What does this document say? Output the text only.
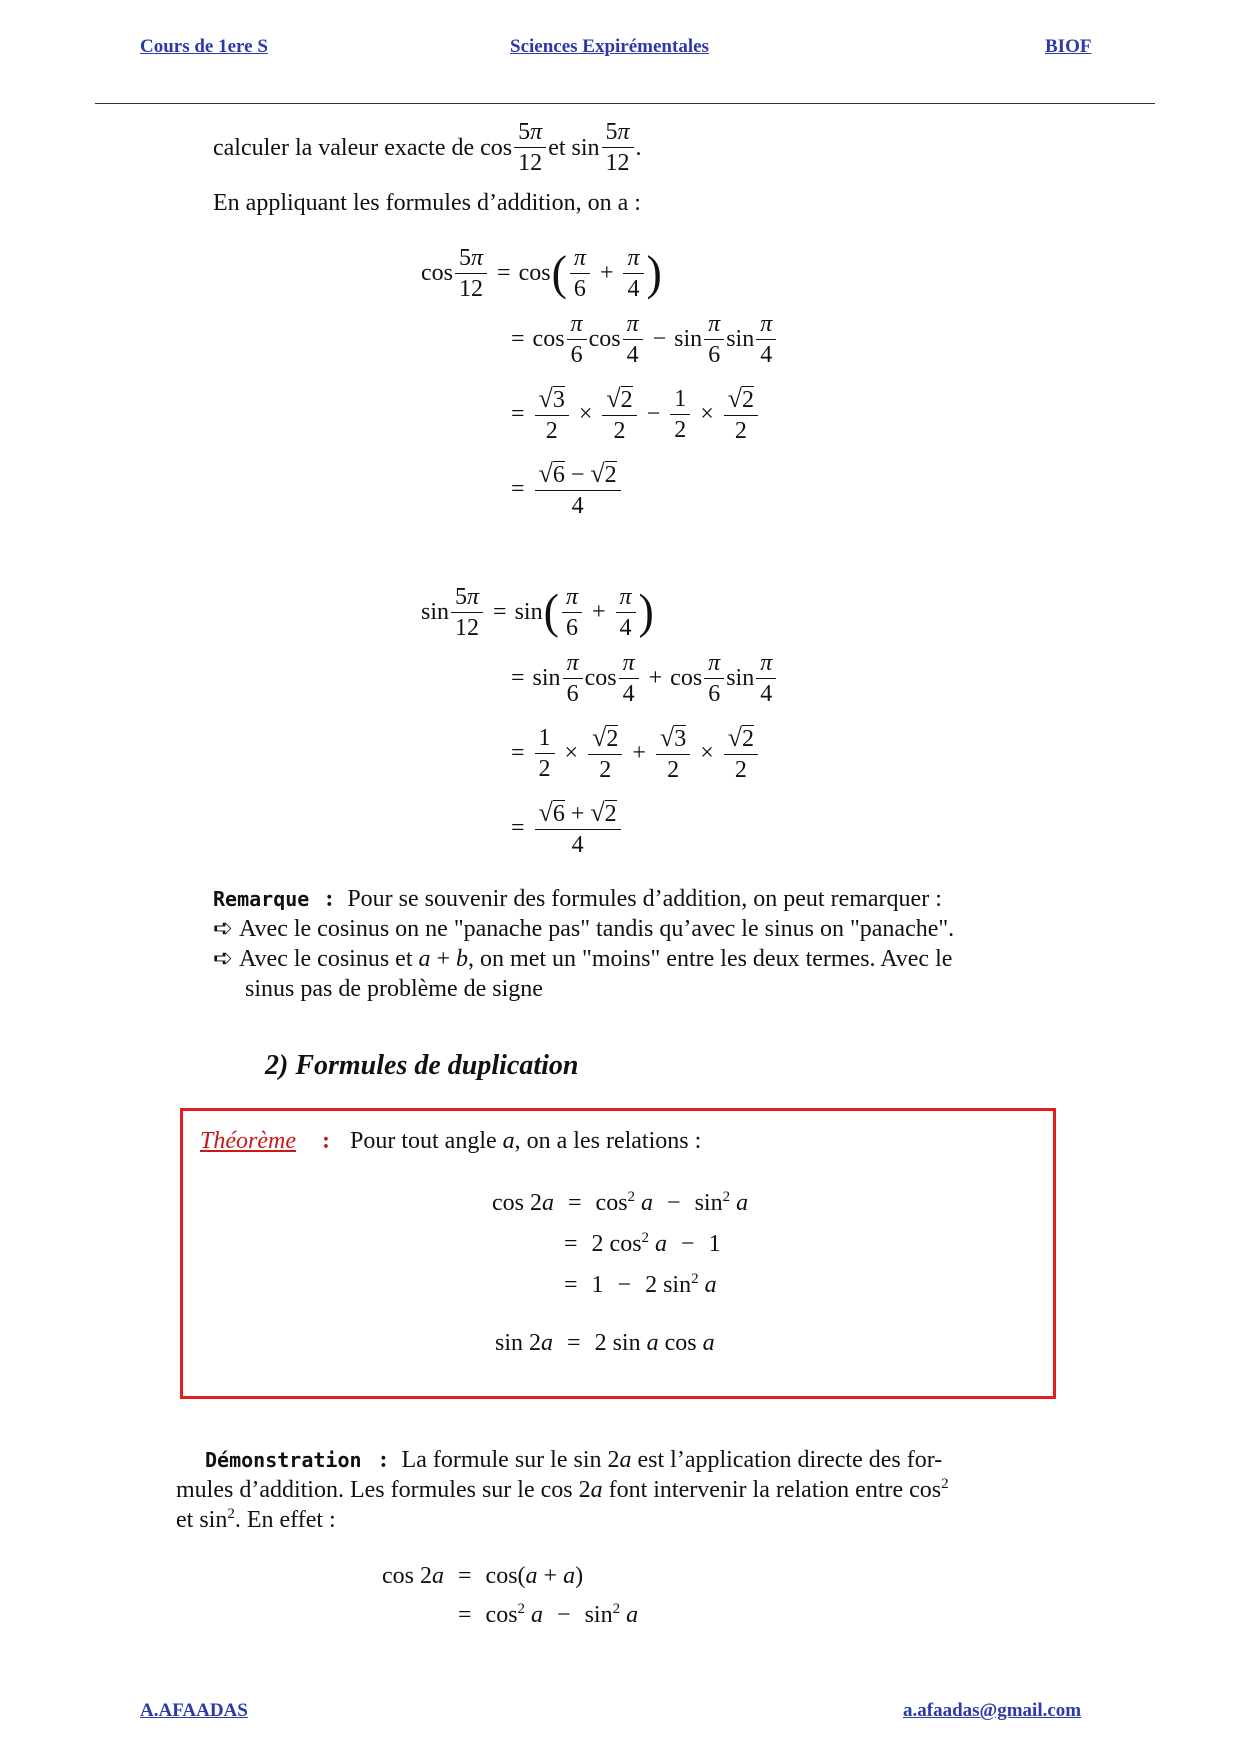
Cours de 1ere S	Sciences Expirémentales	BIOF
calculer la valeur exacte de $\cos \frac{5\pi}{12}$ et $\sin \frac{5\pi}{12}$ .
En appliquant les formules d’addition, on a :
$\cos \frac{5\pi}{12} = \cos$ ( $\frac{\pi}{6} + \frac{\pi}{4}$ )
= $\cos \frac{\pi}{6}$ $\cos \frac{\pi}{4} - \sin \frac{\pi}{6}$ $\sin \frac{\pi}{4}$
= $\frac{√ 3}{2} \times \frac{√ 2}{2} - \frac{1}{2} \times \frac{√ 2}{2}$
= $\frac{√ 6 - √ 2}{4}$
$\sin \frac{5\pi}{12} = \sin$ ( $\frac{\pi}{6} + \frac{\pi}{4}$ )
= $\sin \frac{\pi}{6}$ $\cos \frac{\pi}{4} + \cos \frac{\pi}{6}$ $\sin \frac{\pi}{4}$
= $\frac{1}{2} \times \frac{√ 2}{2} + \frac{√ 3}{2} \times \frac{√ 2}{2}$
= $\frac{√ 6 + √ 2}{4}$
Remarque : Pour se souvenir des formules d’addition, on peut remarquer :
➪ Avec le cosinus on ne "panache pas" tandis qu’avec le sinus on "panache".
➪ Avec le cosinus et a + b, on met un "moins" entre les deux termes. Avec le
sinus pas de problème de signe
2) Formules de duplication
Théorème : Pour tout angle a, on a les relations :
$\cos 2a = \cos^2 a - \sin^2 a$
= 2 $\cos^2 a - 1$
= 1 − 2 $\sin^2 a$
sin 2a = 2 sin a cos a
Démonstration : La formule sur le sin 2a est l’application directe des for-
mules d’addition. Les formules sur le cos 2a font intervenir la relation entre $\cos^2$
et $\sin^2$. En effet :
cos 2a = cos(a + a)
= $\cos^2 a - \sin^2 a$
A.AFAADAS	a.afaadas@gmail.com
